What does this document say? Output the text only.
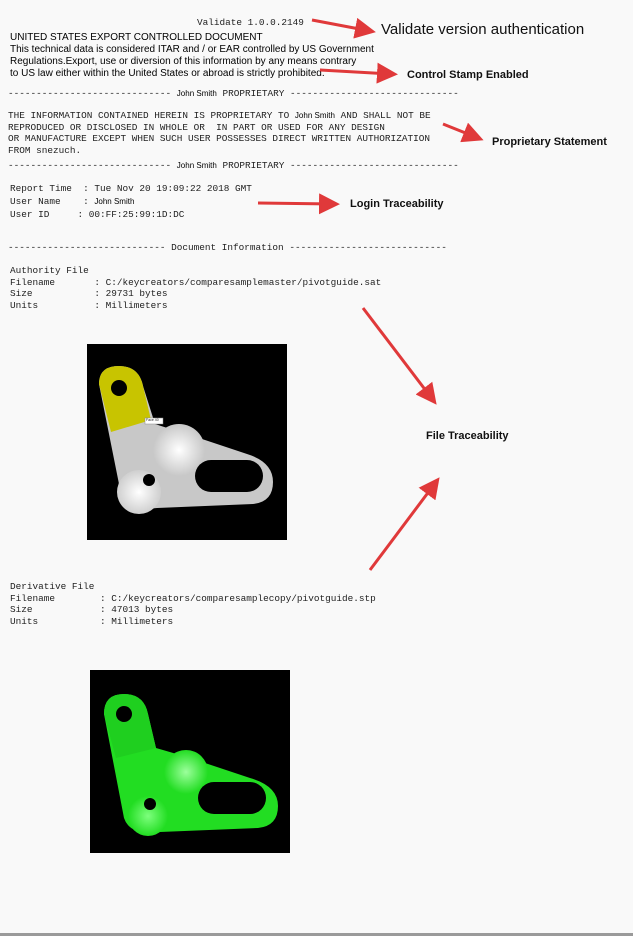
Validate 1.0.0.2149
UNITED STATES EXPORT CONTROLLED DOCUMENT
This technical data is considered ITAR and / or EAR controlled by US Government
Regulations.Export, use or diversion of this information by any means contrary
to US law either within the United States or abroad is strictly prohibited.
----------------------------- John Smith PROPRIETARY ------------------------------
THE INFORMATION CONTAINED HEREIN IS PROPRIETARY TO John Smith AND SHALL NOT BE
REPRODUCED OR DISCLOSED IN WHOLE OR  IN PART OR USED FOR ANY DESIGN
OR MANUFACTURE EXCEPT WHEN SUCH USER POSSESSES DIRECT WRITTEN AUTHORIZATION
FROM snezuch.
----------------------------- John Smith PROPRIETARY ------------------------------
Report Time  : Tue Nov 20 19:09:22 2018 GMT
User Name    : John Smith
User ID     : 00:FF:25:99:1D:DC
---------------------------- Document Information ----------------------------
Authority File
Filename       : C:/keycreators/comparesamplemaster/pivotguide.sat
Size           : 29731 bytes
Units          : Millimeters
Face 40
Derivative File
Filename        : C:/keycreators/comparesamplecopy/pivotguide.stp
Size            : 47013 bytes
Units           : Millimeters
Validate version authentication
Control Stamp Enabled
Proprietary Statement
Login Traceability
File Traceability
